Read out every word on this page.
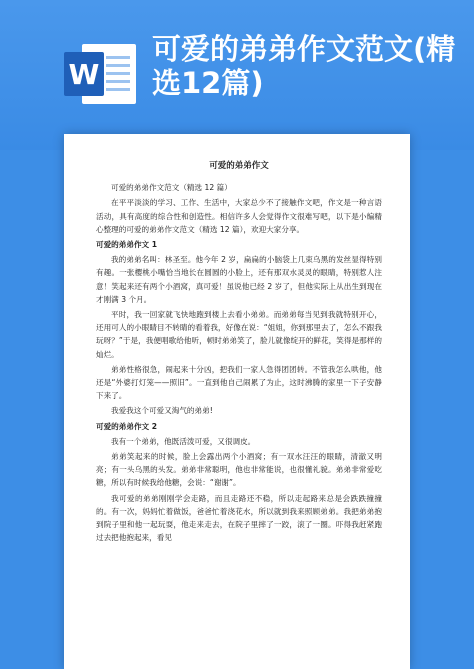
W
可爱的弟弟作文范文(精选12篇)
可爱的弟弟作文
可爱的弟弟作文范文（精选 12 篇）
在平平淡淡的学习、工作、生活中，大家总少不了接触作文吧，作文是一种言语活动，具有高度的综合性和创造性。相信许多人会觉得作文很难写吧，以下是小编精心整理的可爱的弟弟作文范文（精选 12 篇），欢迎大家分享。
可爱的弟弟作文 1
我的弟弟名叫：林圣至。他今年 2 岁，扁扁的小脑袋上几束乌黑的发丝显得特别有趣。一张樱桃小嘴恰当地长在圆圆的小脸上，还有那双水灵灵的眼睛，特别惹人注意！笑起来还有两个小酒窝，真可爱！虽说他已经 2 岁了，但他实际上从出生到现在才刚满 3 个月。
平时，我一回家就飞快地跑到楼上去看小弟弟。而弟弟每当见到我就特别开心，还用可人的小眼睛目不转睛的看着我，好像在说：“姐姐，你到那里去了，怎么不跟我玩呀？”于是，我便唱歌给他听，顿时弟弟笑了，脸儿就像绽开的鲜花，笑得是那样的灿烂。
弟弟性格很急，闹起来十分凶，把我们一家人急得团团转。不管我怎么哄他，他还是“外婆打灯笼——照旧”。一直到他自己闹累了为止，这时沸腾的家里一下子安静下来了。
我爱我这个可爱又淘气的弟弟!
可爱的弟弟作文 2
我有一个弟弟，他既活泼可爱，又很调皮。
弟弟笑起来的时候，脸上会露出两个小酒窝；有一双水汪汪的眼睛，清澈又明亮；有一头乌黑的头发。弟弟非常聪明，他也非常能说，也很懂礼貌。弟弟非常爱吃糖，所以有时候我给他糖，会说：“谢谢”。
我可爱的弟弟刚刚学会走路，而且走路还不稳，所以走起路来总是会跌跌撞撞的。有一次，妈妈忙着做饭，爸爸忙着浇花水，所以就到我来照顾弟弟。我把弟弟抱到院子里和他一起玩耍，他走来走去，在院子里摔了一跤，滚了一圈。吓得我赶紧跑过去把他抱起来，看见
